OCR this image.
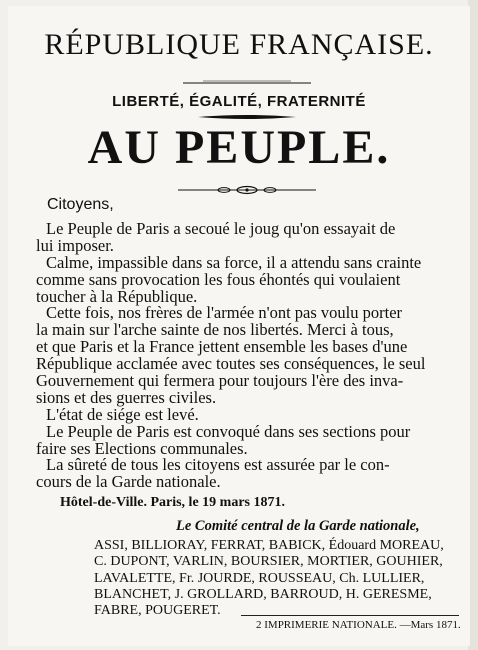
RÉPUBLIQUE FRANÇAISE.
LIBERTÉ, ÉGALITÉ, FRATERNITÉ
AU PEUPLE.
Citoyens,
Le Peuple de Paris a secoué le joug qu'on essayait de
lui imposer.
Calme, impassible dans sa force, il a attendu sans crainte
comme sans provocation les fous éhontés qui voulaient
toucher à la République.
Cette fois, nos frères de l'armée n'ont pas voulu porter
la main sur l'arche sainte de nos libertés. Merci à tous,
et que Paris et la France jettent ensemble les bases d'une
République acclamée avec toutes ses conséquences, le seul
Gouvernement qui fermera pour toujours l'ère des inva-
sions et des guerres civiles.
L'état de siége est levé.
Le Peuple de Paris est convoqué dans ses sections pour
faire ses Elections communales.
La sûreté de tous les citoyens est assurée par le con-
cours de la Garde nationale.
Hôtel-de-Ville. Paris, le 19 mars 1871.
Le Comité central de la Garde nationale,
ASSI, BILLIORAY, FERRAT, BABICK, Édouard MOREAU,
C. DUPONT, VARLIN, BOURSIER, MORTIER, GOUHIER,
LAVALETTE, Fr. JOURDE, ROUSSEAU, Ch. LULLIER,
BLANCHET, J. GROLLARD, BARROUD, H. GERESME,
FABRE, POUGERET.
2 IMPRIMERIE NATIONALE. —Mars 1871.
